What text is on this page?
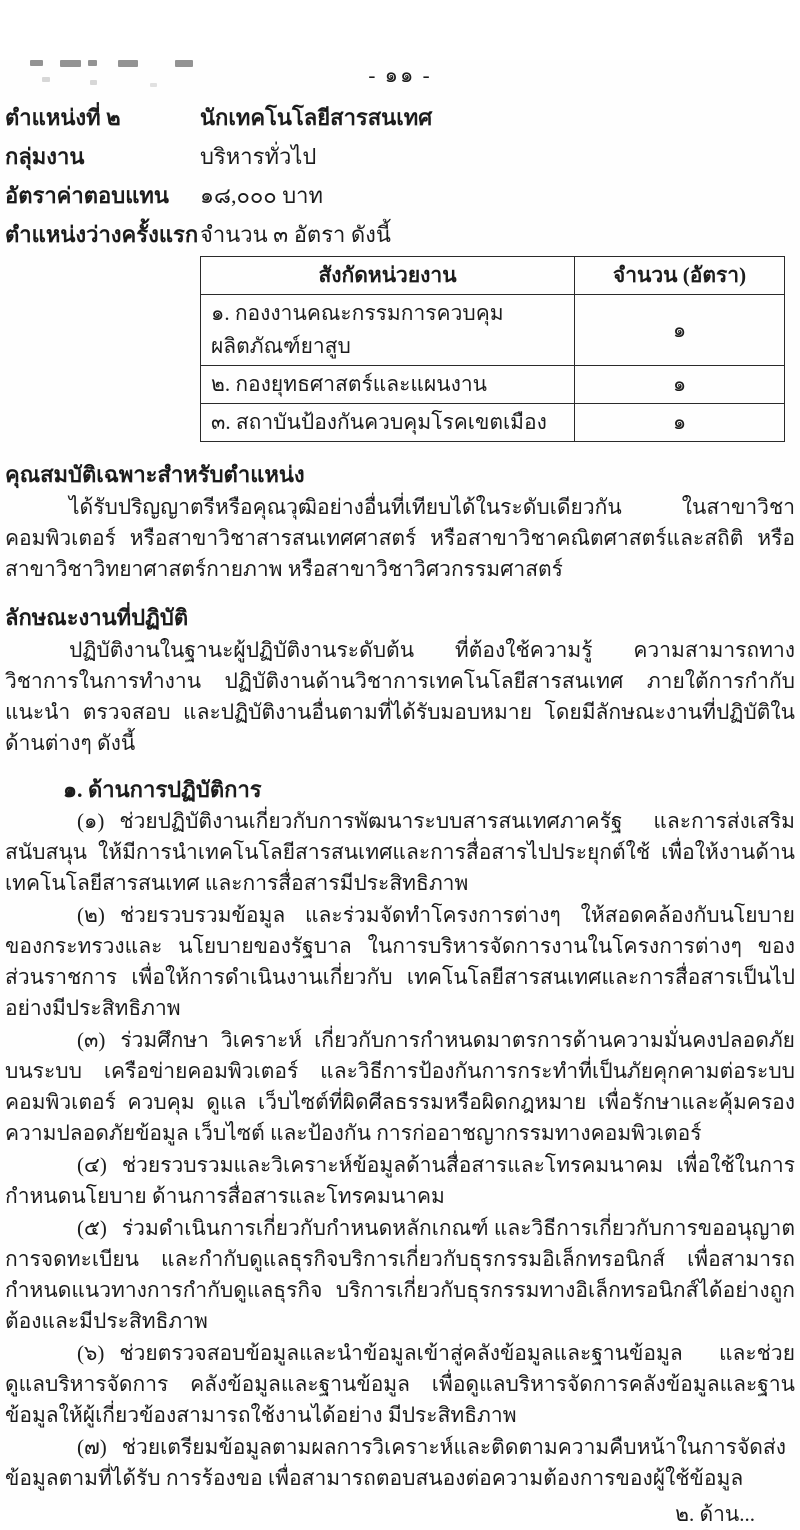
- ๑๑ -
ตำแหน่งที่ ๒	นักเทคโนโลยีสารสนเทศ
กลุ่มงาน	บริหารทั่วไป
อัตราค่าตอบแทน	๑๘,๐๐๐ บาท
ตำแหน่งว่างครั้งแรก จำนวน ๓ อัตรา ดังนี้
สังกัดหน่วยงาน	จำนวน (อัตรา)
๑. กองงานคณะกรรมการควบคุมผลิตภัณฑ์ยาสูบ	๑
๒. กองยุทธศาสตร์และแผนงาน	๑
๓. สถาบันป้องกันควบคุมโรคเขตเมือง	๑
คุณสมบัติเฉพาะสำหรับตำแหน่ง

ได้รับปริญญาตรีหรือคุณวุฒิอย่างอื่นที่เทียบได้ในระดับเดียวกัน ในสาขาวิชาคอมพิวเตอร์ หรือสาขาวิชาสารสนเทศศาสตร์ หรือสาขาวิชาคณิตศาสตร์และสถิติ หรือสาขาวิชาวิทยาศาสตร์กายภาพ หรือสาขาวิชาวิศวกรรมศาสตร์

ลักษณะงานที่ปฏิบัติ

ปฏิบัติงานในฐานะผู้ปฏิบัติงานระดับต้น ที่ต้องใช้ความรู้ ความสามารถทางวิชาการในการทำงาน ปฏิบัติงานด้านวิชาการเทคโนโลยีสารสนเทศ ภายใต้การกำกับ แนะนำ ตรวจสอบ และปฏิบัติงานอื่นตามที่ได้รับมอบหมาย โดยมีลักษณะงานที่ปฏิบัติในด้านต่างๆ ดังนี้

๑. ด้านการปฏิบัติการ

(๑) ช่วยปฏิบัติงานเกี่ยวกับการพัฒนาระบบสารสนเทศภาครัฐ และการส่งเสริม สนับสนุน ให้มีการนำเทคโนโลยีสารสนเทศและการสื่อสารไปประยุกต์ใช้ เพื่อให้งานด้านเทคโนโลยีสารสนเทศ และการสื่อสารมีประสิทธิภาพ

(๒) ช่วยรวบรวมข้อมูล และร่วมจัดทำโครงการต่างๆ ให้สอดคล้องกับนโยบายของกระทรวงและ นโยบายของรัฐบาล ในการบริหารจัดการงานในโครงการต่างๆ ของส่วนราชการ เพื่อให้การดำเนินงานเกี่ยวกับ เทคโนโลยีสารสนเทศและการสื่อสารเป็นไปอย่างมีประสิทธิภาพ

(๓) ร่วมศึกษา วิเคราะห์ เกี่ยวกับการกำหนดมาตรการด้านความมั่นคงปลอดภัยบนระบบ เครือข่ายคอมพิวเตอร์ และวิธีการป้องกันการกระทำที่เป็นภัยคุกคามต่อระบบคอมพิวเตอร์ ควบคุม ดูแล เว็บไซต์ที่ผิดศีลธรรมหรือผิดกฎหมาย เพื่อรักษาและคุ้มครองความปลอดภัยข้อมูล เว็บไซต์ และป้องกัน การก่ออาชญากรรมทางคอมพิวเตอร์

(๔) ช่วยรวบรวมและวิเคราะห์ข้อมูลด้านสื่อสารและโทรคมนาคม เพื่อใช้ในการกำหนดนโยบาย ด้านการสื่อสารและโทรคมนาคม

(๕) ร่วมดำเนินการเกี่ยวกับกำหนดหลักเกณฑ์ และวิธีการเกี่ยวกับการขออนุญาตการจดทะเบียน และกำกับดูแลธุรกิจบริการเกี่ยวกับธุรกรรมอิเล็กทรอนิกส์ เพื่อสามารถกำหนดแนวทางการกำกับดูแลธุรกิจ บริการเกี่ยวกับธุรกรรมทางอิเล็กทรอนิกส์ได้อย่างถูกต้องและมีประสิทธิภาพ

(๖) ช่วยตรวจสอบข้อมูลและนำข้อมูลเข้าสู่คลังข้อมูลและฐานข้อมูล และช่วยดูแลบริหารจัดการ คลังข้อมูลและฐานข้อมูล เพื่อดูแลบริหารจัดการคลังข้อมูลและฐานข้อมูลให้ผู้เกี่ยวข้องสามารถใช้งานได้อย่าง มีประสิทธิภาพ

(๗) ช่วยเตรียมข้อมูลตามผลการวิเคราะห์และติดตามความคืบหน้าในการจัดส่งข้อมูลตามที่ได้รับ การร้องขอ เพื่อสามารถตอบสนองต่อความต้องการของผู้ใช้ข้อมูล

๒. ด้าน...
